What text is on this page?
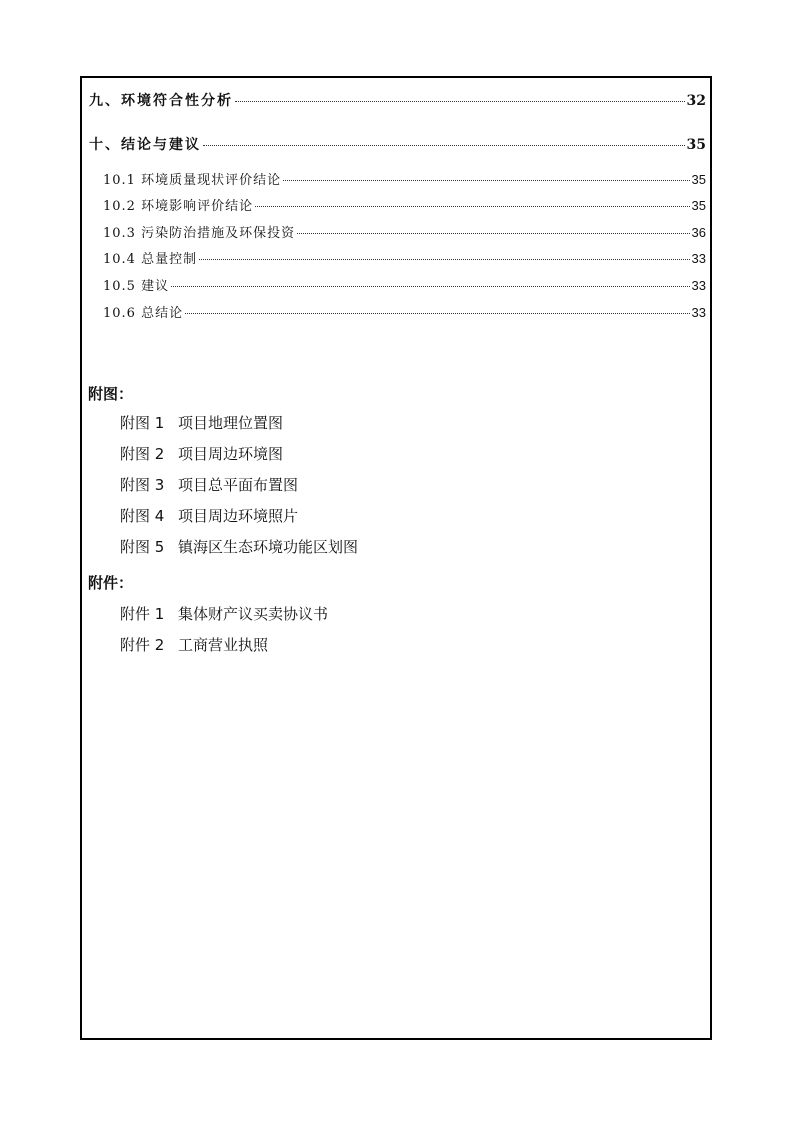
九、环境符合性分析	32
十、结论与建议	35
10.1 环境质量现状评价结论	35
10.2 环境影响评价结论	35
10.3 污染防治措施及环保投资	36
10.4 总量控制	33
10.5 建议	33
10.6 总结论	33
附图：
附图 1 项目地理位置图
附图 2 项目周边环境图
附图 3 项目总平面布置图
附图 4 项目周边环境照片
附图 5 镇海区生态环境功能区划图
附件：
附件 1 集体财产议买卖协议书
附件 2 工商营业执照
